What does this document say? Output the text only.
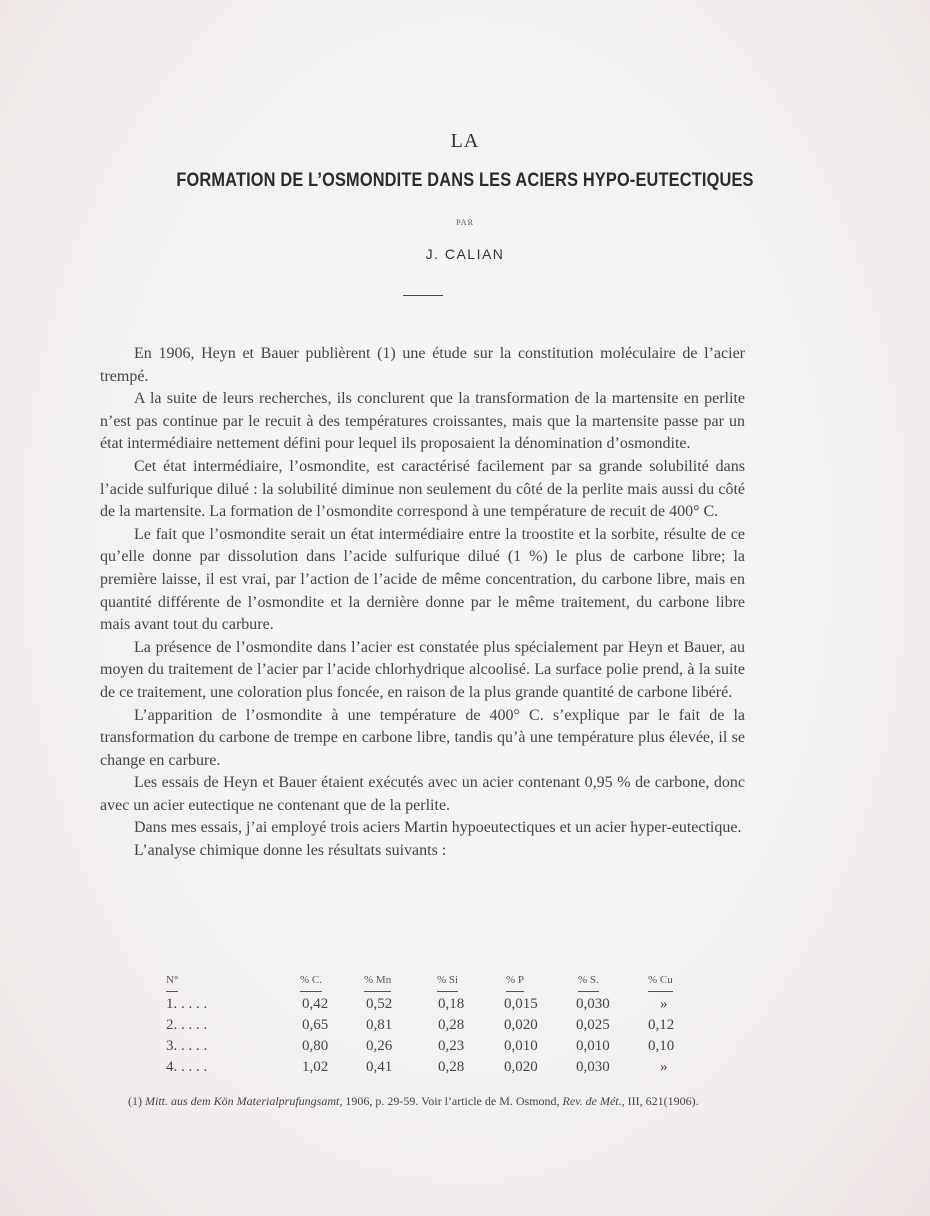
LA
FORMATION DE L’OSMONDITE DANS LES ACIERS HYPO-EUTECTIQUES
PAR
J. CALIAN

En 1906, Heyn et Bauer publièrent (1) une étude sur la constitution moléculaire de l’acier trempé.

A la suite de leurs recherches, ils conclurent que la transformation de la martensite en perlite n’est pas continue par le recuit à des températures croissantes, mais que la martensite passe par un état intermédiaire nettement défini pour lequel ils proposaient la dénomination d’osmondite.

Cet état intermédiaire, l’osmondite, est caractérisé facilement par sa grande solubilité dans l’acide sulfurique dilué : la solubilité diminue non seulement du côté de la perlite mais aussi du côté de la martensite. La formation de l’osmondite correspond à une température de recuit de 400° C.

Le fait que l’osmondite serait un état intermédiaire entre la troostite et la sorbite, résulte de ce qu’elle donne par dissolution dans l’acide sulfurique dilué (1 %) le plus de carbone libre; la première laisse, il est vrai, par l’action de l’acide de même concentration, du carbone libre, mais en quantité différente de l’osmondite et la dernière donne par le même traitement, du carbone libre mais avant tout du carbure.

La présence de l’osmondite dans l’acier est constatée plus spécialement par Heyn et Bauer, au moyen du traitement de l’acier par l’acide chlorhydrique alcoolisé. La surface polie prend, à la suite de ce traitement, une coloration plus foncée, en raison de la plus grande quantité de carbone libéré.

L’apparition de l’osmondite à une température de 400° C. s’explique par le fait de la transformation du carbone de trempe en carbone libre, tandis qu’à une température plus élevée, il se change en carbure.

Les essais de Heyn et Bauer étaient exécutés avec un acier contenant 0,95 % de carbone, donc avec un acier eutectique ne contenant que de la perlite.

Dans mes essais, j’ai employé trois aciers Martin hypoeutectiques et un acier hyper-eutectique.

L’analyse chimique donne les résultats suivants :

N°	% C.	% Mn	% Si	% P	% S.	% Cu
1. . . . .	0,42	0,52	0,18	0,015	0,030	»
2. . . . .	0,65	0,81	0,28	0,020	0,025	0,12
3. . . . .	0,80	0,26	0,23	0,010	0,010	0,10
4. . . . .	1,02	0,41	0,28	0,020	0,030	»

(1) Mitt. aus dem Kön Materialprufungsamt, 1906, p. 29-59. Voir l’article de M. Osmond, Rev. de Mét., III, 621(1906).
